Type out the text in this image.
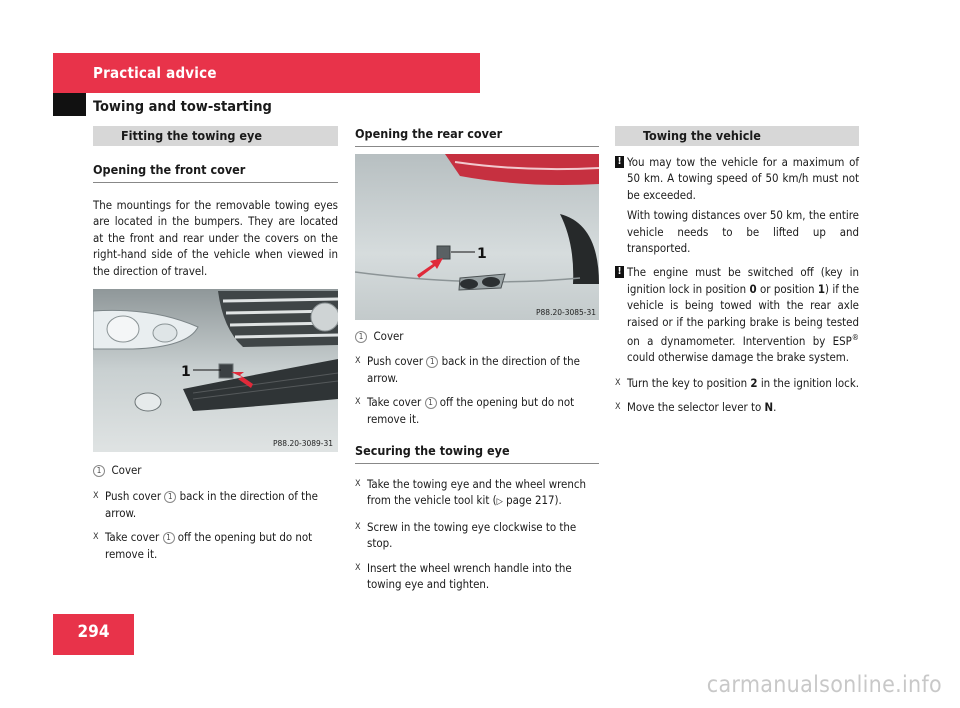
Practical advice
Towing and tow-starting
Fitting the towing eye
Opening the front cover
The mountings for the removable towing eyes are located in the bumpers. They are located at the front and rear under the covers on the right-hand side of the vehicle when viewed in the direction of travel.
1
P88.20-3089-31
1 Cover
X Push cover 1 back in the direction of the arrow.
X Take cover 1 off the opening but do not remove it.
Opening the rear cover
1
P88.20-3085-31
1 Cover
X Push cover 1 back in the direction of the arrow.
X Take cover 1 off the opening but do not remove it.
Securing the towing eye
X Take the towing eye and the wheel wrench from the vehicle tool kit (▷ page 217).
X Screw in the towing eye clockwise to the stop.
X Insert the wheel wrench handle into the towing eye and tighten.
Towing the vehicle
! You may tow the vehicle for a maximum of 50 km. A towing speed of 50 km/h must not be exceeded.
With towing distances over 50 km, the entire vehicle needs to be lifted up and transported.
! The engine must be switched off (key in ignition lock in position 0 or position 1) if the vehicle is being towed with the rear axle raised or if the parking brake is being tested on a dynamometer. Intervention by ESP® could otherwise damage the brake system.
X Turn the key to position 2 in the ignition lock.
X Move the selector lever to N.
294
carmanualsonline.info
